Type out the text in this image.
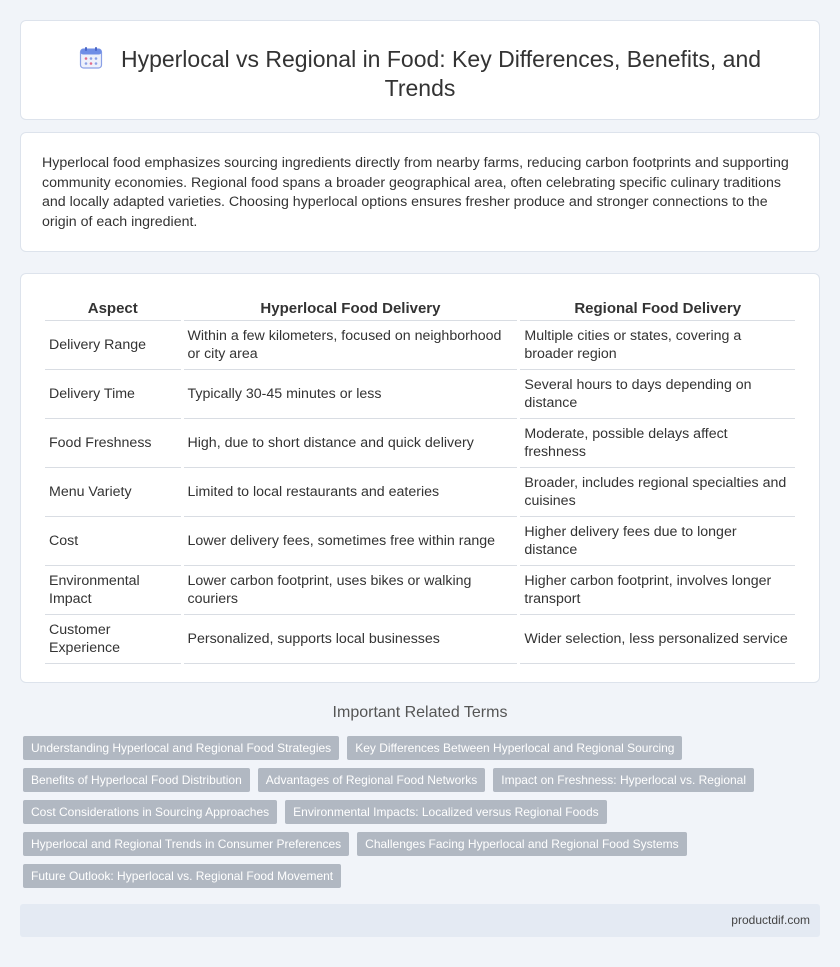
Hyperlocal vs Regional in Food: Key Differences, Benefits, and Trends

Hyperlocal food emphasizes sourcing ingredients directly from nearby farms, reducing carbon footprints and supporting community economies. Regional food spans a broader geographical area, often celebrating specific culinary traditions and locally adapted varieties. Choosing hyperlocal options ensures fresher produce and stronger connections to the origin of each ingredient.

Aspect	Hyperlocal Food Delivery	Regional Food Delivery
Delivery Range	Within a few kilometers, focused on neighborhood or city area	Multiple cities or states, covering a broader region
Delivery Time	Typically 30-45 minutes or less	Several hours to days depending on distance
Food Freshness	High, due to short distance and quick delivery	Moderate, possible delays affect freshness
Menu Variety	Limited to local restaurants and eateries	Broader, includes regional specialties and cuisines
Cost	Lower delivery fees, sometimes free within range	Higher delivery fees due to longer distance
Environmental Impact	Lower carbon footprint, uses bikes or walking couriers	Higher carbon footprint, involves longer transport
Customer Experience	Personalized, supports local businesses	Wider selection, less personalized service
Important Related Terms
Understanding Hyperlocal and Regional Food Strategies	Key Differences Between Hyperlocal and Regional Sourcing
Benefits of Hyperlocal Food Distribution	Advantages of Regional Food Networks	Impact on Freshness: Hyperlocal vs. Regional
Cost Considerations in Sourcing Approaches	Environmental Impacts: Localized versus Regional Foods
Hyperlocal and Regional Trends in Consumer Preferences	Challenges Facing Hyperlocal and Regional Food Systems
Future Outlook: Hyperlocal vs. Regional Food Movement
productdif.com
